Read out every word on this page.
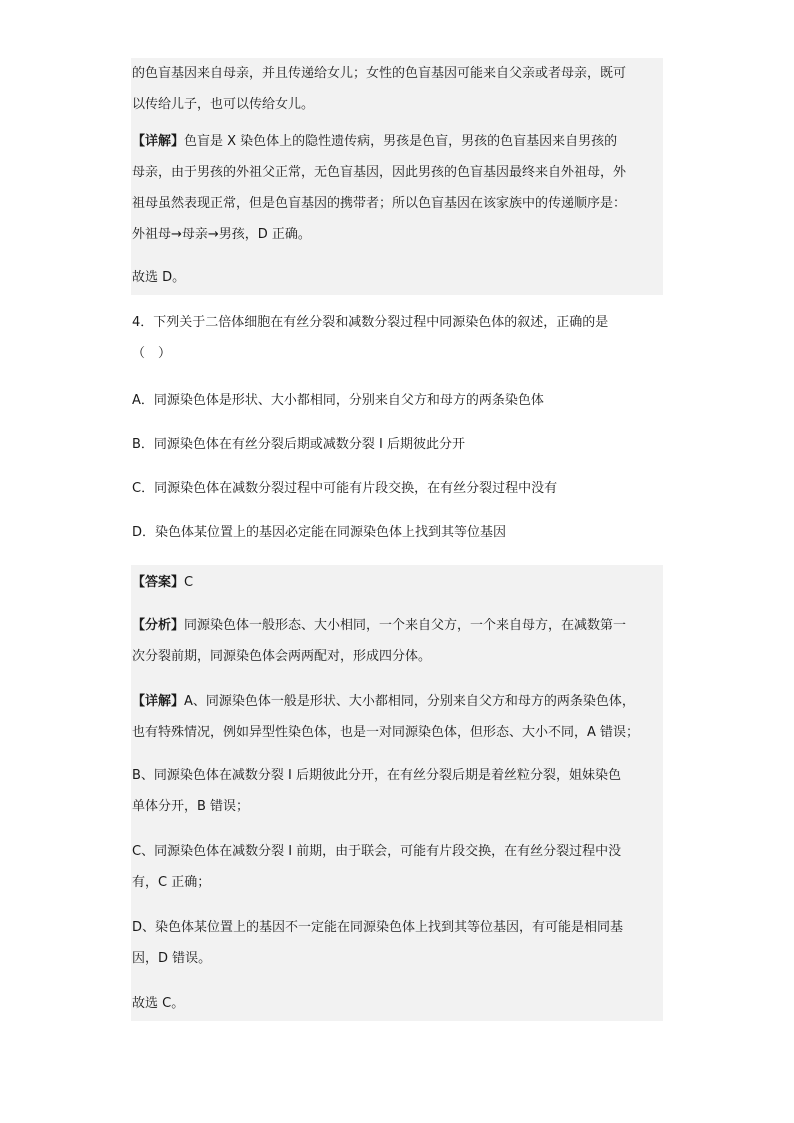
的色盲基因来自母亲，并且传递给女儿；女性的色盲基因可能来自父亲或者母亲，既可
以传给儿子，也可以传给女儿。
【详解】色盲是 X 染色体上的隐性遗传病，男孩是色盲，男孩的色盲基因来自男孩的
母亲，由于男孩的外祖父正常，无色盲基因，因此男孩的色盲基因最终来自外祖母，外
祖母虽然表现正常，但是色盲基因的携带者；所以色盲基因在该家族中的传递顺序是：
外祖母→母亲→男孩，D 正确。
故选 D。
4．下列关于二倍体细胞在有丝分裂和减数分裂过程中同源染色体的叙述，正确的是
（　）
A．同源染色体是形状、大小都相同，分别来自父方和母方的两条染色体
B．同源染色体在有丝分裂后期或减数分裂 I 后期彼此分开
C．同源染色体在减数分裂过程中可能有片段交换，在有丝分裂过程中没有
D．染色体某位置上的基因必定能在同源染色体上找到其等位基因
【答案】C
【分析】同源染色体一般形态、大小相同，一个来自父方，一个来自母方，在减数第一
次分裂前期，同源染色体会两两配对，形成四分体。
【详解】A、同源染色体一般是形状、大小都相同，分别来自父方和母方的两条染色体，
也有特殊情况，例如异型性染色体，也是一对同源染色体，但形态、大小不同，A 错误；
B、同源染色体在减数分裂 I 后期彼此分开，在有丝分裂后期是着丝粒分裂，姐妹染色
单体分开，B 错误；
C、同源染色体在减数分裂 I 前期，由于联会，可能有片段交换，在有丝分裂过程中没
有，C 正确；
D、染色体某位置上的基因不一定能在同源染色体上找到其等位基因，有可能是相同基
因，D 错误。
故选 C。
